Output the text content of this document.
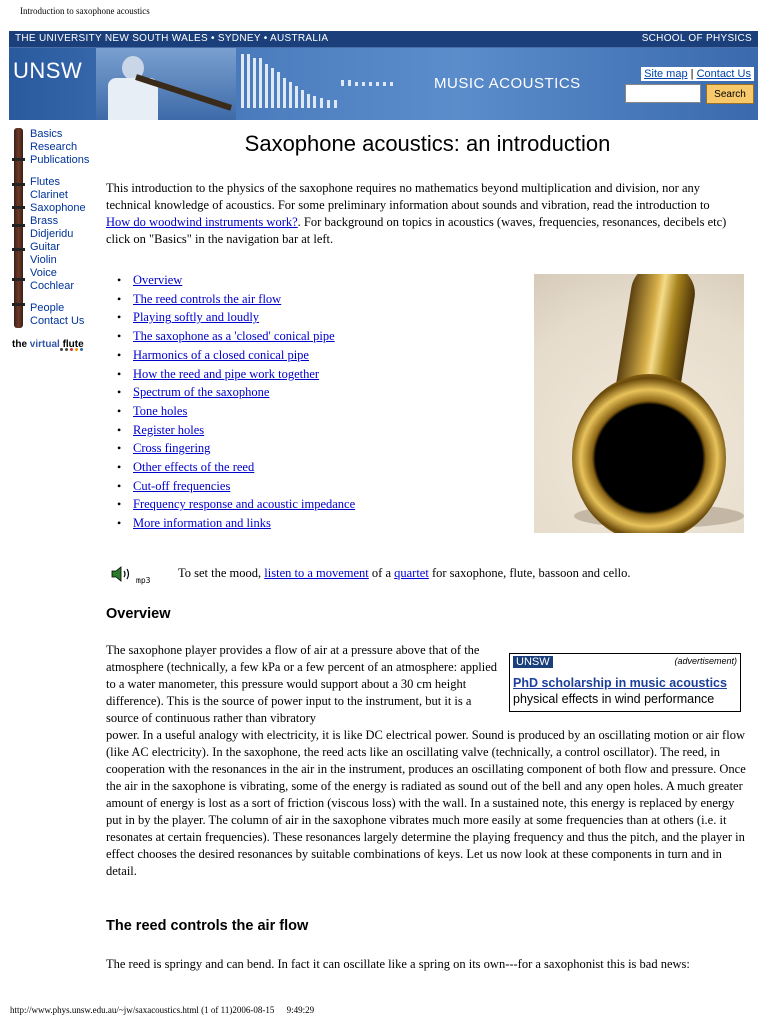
Introduction to saxophone acoustics
THE UNIVERSITY NEW SOUTH WALES • SYDNEY • AUSTRALIA	SCHOOL OF PHYSICS
UNSW
MUSIC ACOUSTICS
Site map | Contact Us
Search
Basics
Research
Publications
Flutes
Clarinet
Saxophone
Brass
Didjeridu
Guitar
Violin
Voice
Cochlear
People
Contact Us
the virtual flute
Saxophone acoustics: an introduction

This introduction to the physics of the saxophone requires no mathematics beyond multiplication and division, nor any technical knowledge of acoustics. For some preliminary information about sounds and vibration, read the introduction to How do woodwind instruments work?. For background on topics in acoustics (waves, frequencies, resonances, decibels etc) click on "Basics" in the navigation bar at left.

• Overview
• The reed controls the air flow
• Playing softly and loudly
• The saxophone as a 'closed' conical pipe
• Harmonics of a closed conical pipe
• How the reed and pipe work together
• Spectrum of the saxophone
• Tone holes
• Register holes
• Cross fingering
• Other effects of the reed
• Cut-off frequencies
• Frequency response and acoustic impedance
• More information and links
mp3

To set the mood, listen to a movement of a quartet for saxophone, flute, bassoon and cello.

Overview
UNSW	(advertisement)
PhD scholarship in music acoustics
physical effects in wind performance

The saxophone player provides a flow of air at a pressure above that of the atmosphere (technically, a few kPa or a few percent of an atmosphere: applied to a water manometer, this pressure would support about a 30 cm height difference). This is the source of power input to the instrument, but it is a source of continuous rather than vibratory

power. In a useful analogy with electricity, it is like DC electrical power. Sound is produced by an oscillating motion or air flow (like AC electricity). In the saxophone, the reed acts like an oscillating valve (technically, a control oscillator). The reed, in cooperation with the resonances in the air in the instrument, produces an oscillating component of both flow and pressure. Once the air in the saxophone is vibrating, some of the energy is radiated as sound out of the bell and any open holes. A much greater amount of energy is lost as a sort of friction (viscous loss) with the wall. In a sustained note, this energy is replaced by energy put in by the player. The column of air in the saxophone vibrates much more easily at some frequencies than at others (i.e. it resonates at certain frequencies). These resonances largely determine the playing frequency and thus the pitch, and the player in effect chooses the desired resonances by suitable combinations of keys. Let us now look at these components in turn and in detail.

The reed controls the air flow

The reed is springy and can bend. In fact it can oscillate like a spring on its own---for a saxophonist this is bad news:

http://www.phys.unsw.edu.au/~jw/saxacoustics.html (1 of 11)2006-08-15 9:49:29
